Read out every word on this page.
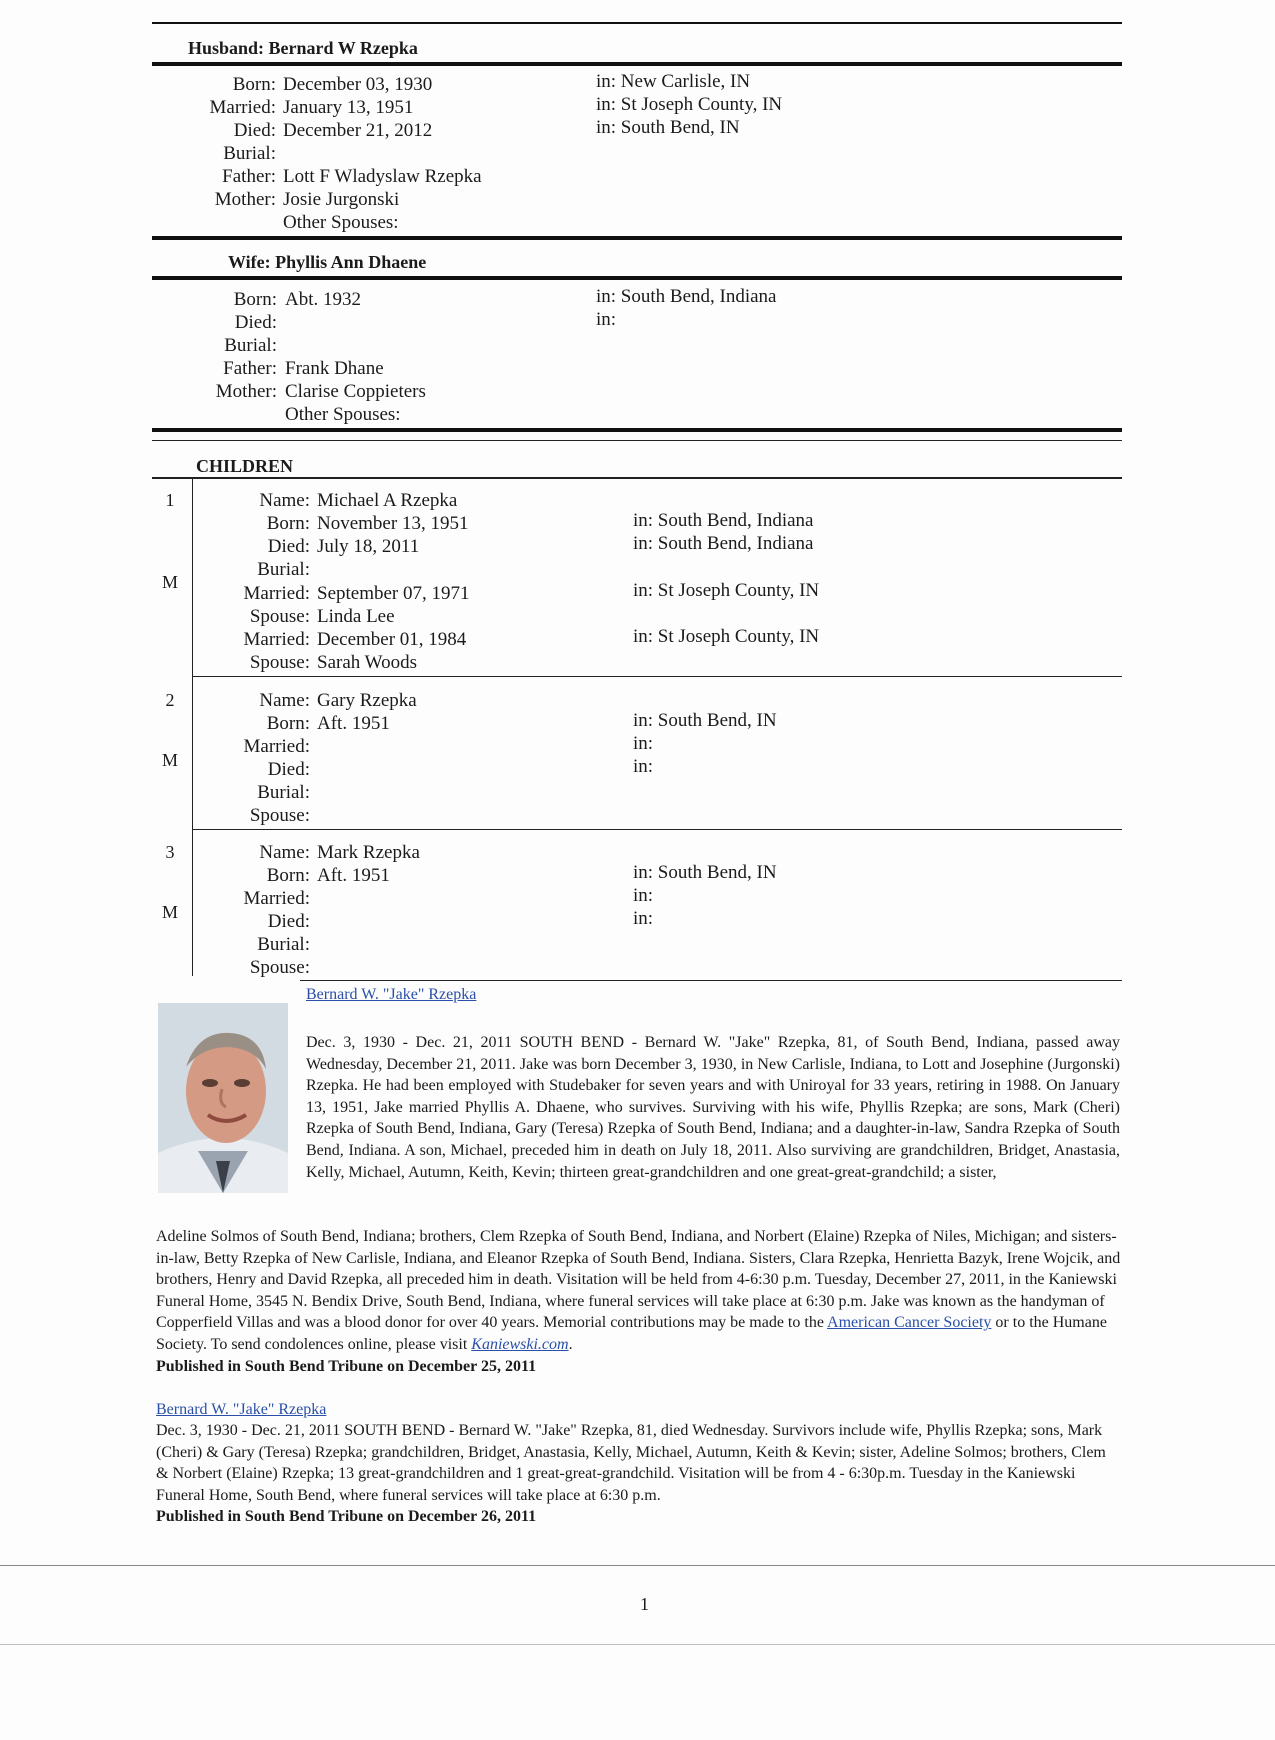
Husband: Bernard W Rzepka
Born: December 03, 1930	in: New Carlisle, IN
Married: January 13, 1951	in: St Joseph County, IN
Died: December 21, 2012	in: South Bend, IN
Burial:
Father: Lott F Wladyslaw Rzepka
Mother: Josie Jurgonski
Other Spouses:
Wife: Phyllis Ann Dhaene
Born: Abt. 1932	in: South Bend, Indiana
Died:	in:
Burial:
Father: Frank Dhane
Mother: Clarise Coppieters
Other Spouses:
CHILDREN
1
M
Name: Michael A Rzepka
Born: November 13, 1951	in: South Bend, Indiana
Died: July 18, 2011	in: South Bend, Indiana
Burial:
Married: September 07, 1971	in: St Joseph County, IN
Spouse: Linda Lee
Married: December 01, 1984	in: St Joseph County, IN
Spouse: Sarah Woods
2
M
Name: Gary Rzepka
Born: Aft. 1951	in: South Bend, IN
Married:	in:
Died:	in:
Burial:
Spouse:
3
M
Name: Mark Rzepka
Born: Aft. 1951	in: South Bend, IN
Married:	in:
Died:	in:
Burial:
Spouse:
Bernard W. "Jake" Rzepka
Dec. 3, 1930 - Dec. 21, 2011 SOUTH BEND - Bernard W. "Jake" Rzepka, 81, of South Bend, Indiana, passed away Wednesday, December 21, 2011. Jake was born December 3, 1930, in New Carlisle, Indiana, to Lott and Josephine (Jurgonski) Rzepka. He had been employed with Studebaker for seven years and with Uniroyal for 33 years, retiring in 1988. On January 13, 1951, Jake married Phyllis A. Dhaene, who survives. Surviving with his wife, Phyllis Rzepka; are sons, Mark (Cheri) Rzepka of South Bend, Indiana, Gary (Teresa) Rzepka of South Bend, Indiana; and a daughter-in-law, Sandra Rzepka of South Bend, Indiana. A son, Michael, preceded him in death on July 18, 2011. Also surviving are grandchildren, Bridget, Anastasia, Kelly, Michael, Autumn, Keith, Kevin; thirteen great-grandchildren and one great-great-grandchild; a sister,
Adeline Solmos of South Bend, Indiana; brothers, Clem Rzepka of South Bend, Indiana, and Norbert (Elaine) Rzepka of Niles, Michigan; and sisters-in-law, Betty Rzepka of New Carlisle, Indiana, and Eleanor Rzepka of South Bend, Indiana. Sisters, Clara Rzepka, Henrietta Bazyk, Irene Wojcik, and brothers, Henry and David Rzepka, all preceded him in death. Visitation will be held from 4-6:30 p.m. Tuesday, December 27, 2011, in the Kaniewski Funeral Home, 3545 N. Bendix Drive, South Bend, Indiana, where funeral services will take place at 6:30 p.m. Jake was known as the handyman of Copperfield Villas and was a blood donor for over 40 years. Memorial contributions may be made to the American Cancer Society or to the Humane Society. To send condolences online, please visit Kaniewski.com.
Published in South Bend Tribune on December 25, 2011
Bernard W. "Jake" Rzepka
Dec. 3, 1930 - Dec. 21, 2011 SOUTH BEND - Bernard W. "Jake" Rzepka, 81, died Wednesday. Survivors include wife, Phyllis Rzepka; sons, Mark (Cheri) & Gary (Teresa) Rzepka; grandchildren, Bridget, Anastasia, Kelly, Michael, Autumn, Keith & Kevin; sister, Adeline Solmos; brothers, Clem & Norbert (Elaine) Rzepka; 13 great-grandchildren and 1 great-great-grandchild. Visitation will be from 4 - 6:30p.m. Tuesday in the Kaniewski Funeral Home, South Bend, where funeral services will take place at 6:30 p.m.
Published in South Bend Tribune on December 26, 2011
1
